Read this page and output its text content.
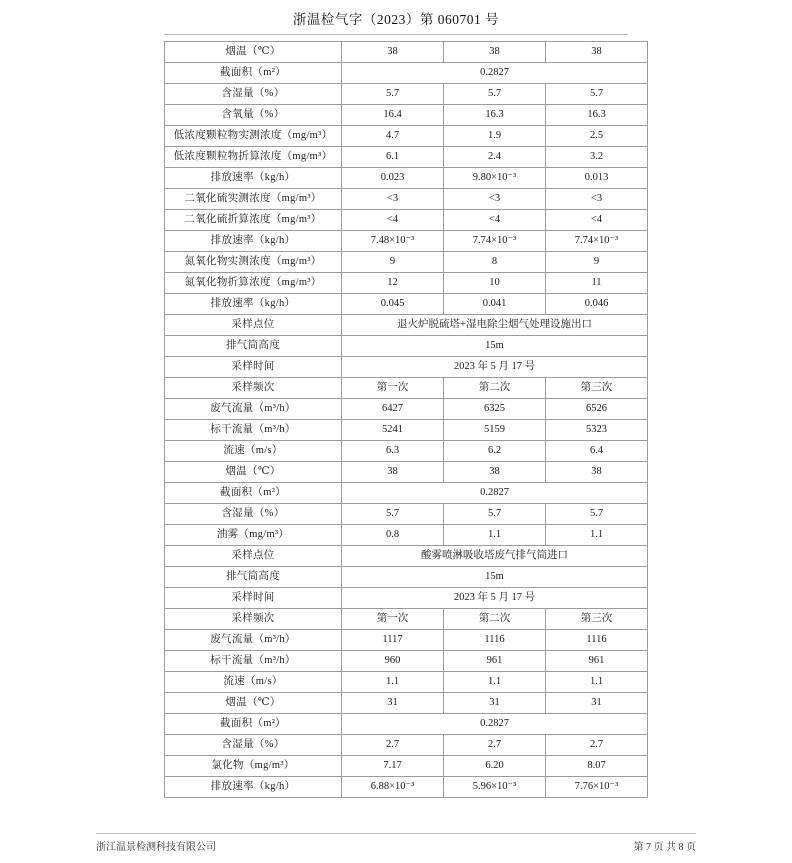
浙温检气字（2023）第 060701 号
烟温（℃）	38	38	38
截面积（m²）	0.2827		
含湿量（%）	5.7	5.7	5.7
含氧量（%）	16.4	16.3	16.3
低浓度颗粒物实测浓度（mg/m³）	4.7	1.9	2.5
低浓度颗粒物折算浓度（mg/m³）	6.1	2.4	3.2
排放速率（kg/h）	0.023	9.80×10⁻³	0.013
二氧化硫实测浓度（mg/m³）	<3	<3	<3
二氧化硫折算浓度（mg/m³）	<4	<4	<4
排放速率（kg/h）	7.48×10⁻³	7.74×10⁻³	7.74×10⁻³
氮氧化物实测浓度（mg/m³）	9	8	9
氮氧化物折算浓度（mg/m³）	12	10	11
排放速率（kg/h）	0.045	0.041	0.046
采样点位	退火炉脱硫塔+湿电除尘烟气处理设施出口		
排气筒高度	15m		
采样时间	2023 年 5 月 17 号		
采样频次	第一次	第二次	第三次
废气流量（m³/h）	6427	6325	6526
标干流量（m³/h）	5241	5159	5323
流速（m/s）	6.3	6.2	6.4
烟温（℃）	38	38	38
截面积（m²）	0.2827		
含湿量（%）	5.7	5.7	5.7
油雾（mg/m³）	0.8	1.1	1.1
采样点位	酸雾喷淋吸收塔废气排气筒进口		
排气筒高度	15m		
采样时间	2023 年 5 月 17 号		
采样频次	第一次	第二次	第三次
废气流量（m³/h）	1117	1116	1116
标干流量（m³/h）	960	961	961
流速（m/s）	1.1	1.1	1.1
烟温（℃）	31	31	31
截面积（m²）	0.2827		
含湿量（%）	2.7	2.7	2.7
氯化物（mg/m³）	7.17	6.20	8.07
排放速率（kg/h）	6.88×10⁻³	5.96×10⁻³	7.76×10⁻³
浙江温景检测科技有限公司	第 7 页 共 8 页
